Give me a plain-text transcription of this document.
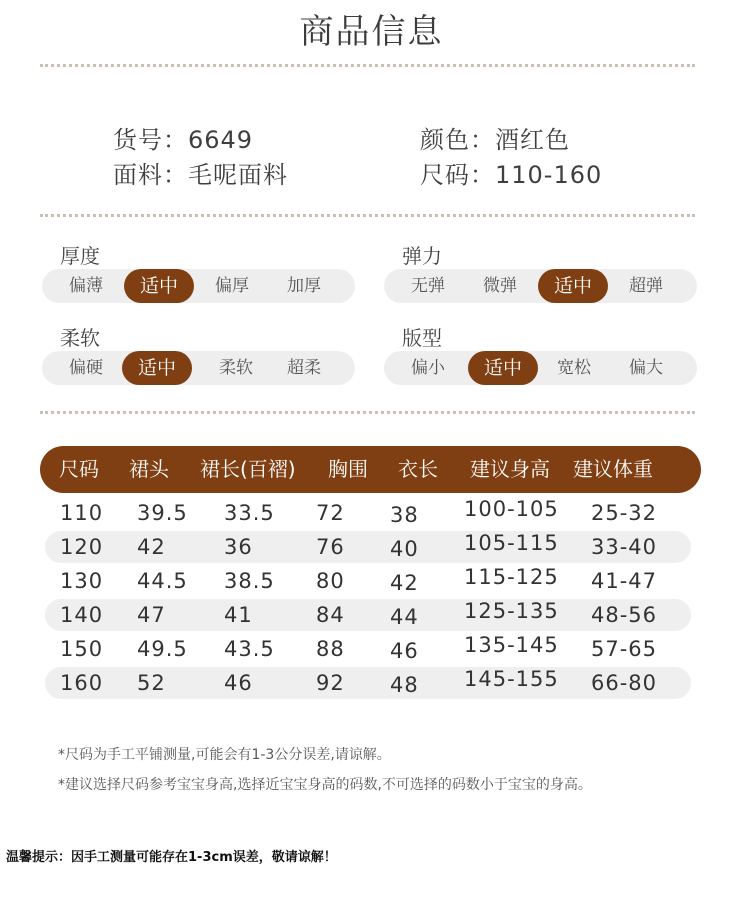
商品信息
货号：6649	颜色：酒红色
面料：毛呢面料	尺码：110-160
厚度
偏薄	适中	偏厚	加厚
弹力
无弹	微弹	适中	超弹
柔软
偏硬	适中	柔软	超柔
版型
偏小	适中	宽松	偏大
尺码 裙头 裙长(百褶) 胸围 衣长 建议身高 建议体重
110 39.5 33.5 72 38 100-105 25-32
120 42	36	76 40 105-115 33-40
130 44.5 38.5 80 42 115-125 41-47
140 47	41	84 44 125-135 48-56
150 49.5 43.5 88 46 135-145 57-65
160 52	46	92 48 145-155 66-80
*尺码为手工平铺测量,可能会有1-3公分误差,请谅解。
*建议选择尺码参考宝宝身高,选择近宝宝身高的码数,不可选择的码数小于宝宝的身高。
温馨提示：因手工测量可能存在1-3cm误差，敬请谅解！
